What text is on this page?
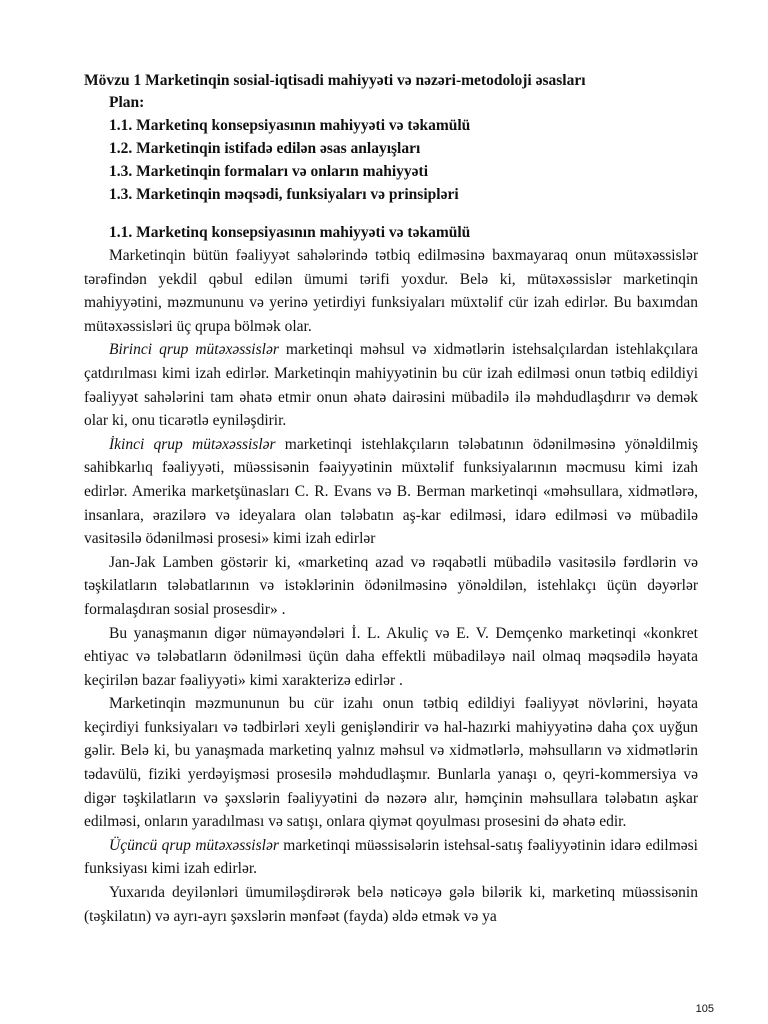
Mövzu 1 Marketinqin sosial-iqtisadi mahiyyəti və nəzəri-metodoloji əsasları
Plan:
1.1. Marketinq konsepsiyasının mahiyyəti və təkamülü
1.2. Marketinqin istifadə edilən əsas anlayışları
1.3. Marketinqin formaları və onların mahiyyəti
1.3. Marketinqin məqsədi, funksiyaları və prinsipləri
1.1. Marketinq konsepsiyasının mahiyyəti və təkamülü

Marketinqin bütün fəaliyyət sahələrində tətbiq edilməsinə baxmayaraq onun mütəxəssislər tərəfindən yekdil qəbul edilən ümumi tərifi yoxdur. Belə ki, mütəxəssislər marketinqin mahiyyətini, məzmununu və yerinə yetirdiyi funksiyaları müxtəlif cür izah edirlər. Bu baxımdan mütəxəssisləri üç qrupa bölmək olar.

Birinci qrup mütəxəssislər marketinqi məhsul və xidmətlərin istehsalçılardan istehlakçılara çatdırılması kimi izah edirlər. Marketinqin mahiyyətinin bu cür izah edilməsi onun tətbiq edildiyi fəaliyyət sahələrini tam əhatə etmir onun əhatə dairəsini mübadilə ilə məhdudlaşdırır və demək olar ki, onu ticarətlə eyniləşdirir.

İkinci qrup mütəxəssislər marketinqi istehlakçıların tələbatının ödənilməsinə yönəldilmiş sahibkarlıq fəaliyyəti, müəssisənin fəaiyyətinin müxtəlif funksiyalarının məcmusu kimi izah edirlər. Amerika marketşünasları C. R. Evans və B. Berman marketinqi «məhsullara, xidmətlərə, insanlara, ərazilərə və ideyalara olan tələbatın aş-kar edilməsi, idarə edilməsi və mübadilə vasitəsilə ödənilməsi prosesi» kimi izah edirlər

Jan-Jak Lamben göstərir ki, «marketinq azad və rəqabətli mübadilə vasitəsilə fərdlərin və təşkilatların tələbatlarının və istəklərinin ödənilməsinə yönəldilən, istehlakçı üçün dəyərlər formalaşdıran sosial prosesdir» .

Bu yanaşmanın digər nümayəndələri İ. L. Akuliç və E. V. Demçenko marketinqi «konkret ehtiyac və tələbatların ödənilməsi üçün daha effektli mübadiləyə nail olmaq məqsədilə həyata keçirilən bazar fəaliyyəti» kimi xarakterizə edirlər .

Marketinqin məzmununun bu cür izahı onun tətbiq edildiyi fəaliyyət növlərini, həyata keçirdiyi funksiyaları və tədbirləri xeyli genişləndirir və hal-hazırki mahiyyətinə daha çox uyğun gəlir. Belə ki, bu yanaşmada marketinq yalnız məhsul və xidmətlərlə, məhsulların və xidmətlərin tədavülü, fiziki yerdəyişməsi prosesilə məhdudlaşmır. Bunlarla yanaşı o, qeyri-kommersiya və digər təşkilatların və şəxslərin fəaliyyətini də nəzərə alır, həmçinin məhsullara tələbatın aşkar edilməsi, onların yaradılması və satışı, onlara qiymət qoyulması prosesini də əhatə edir.

Üçüncü qrup mütəxəssislər marketinqi müəssisələrin istehsal-satış fəaliyyətinin idarə edilməsi funksiyası kimi izah edirlər.

Yuxarıda deyilənləri ümumiləşdirərək belə nəticəyə gələ bilərik ki, marketinq müəssisənin (təşkilatın) və ayrı-ayrı şəxslərin mənfəət (fayda) əldə etmək və ya

105
